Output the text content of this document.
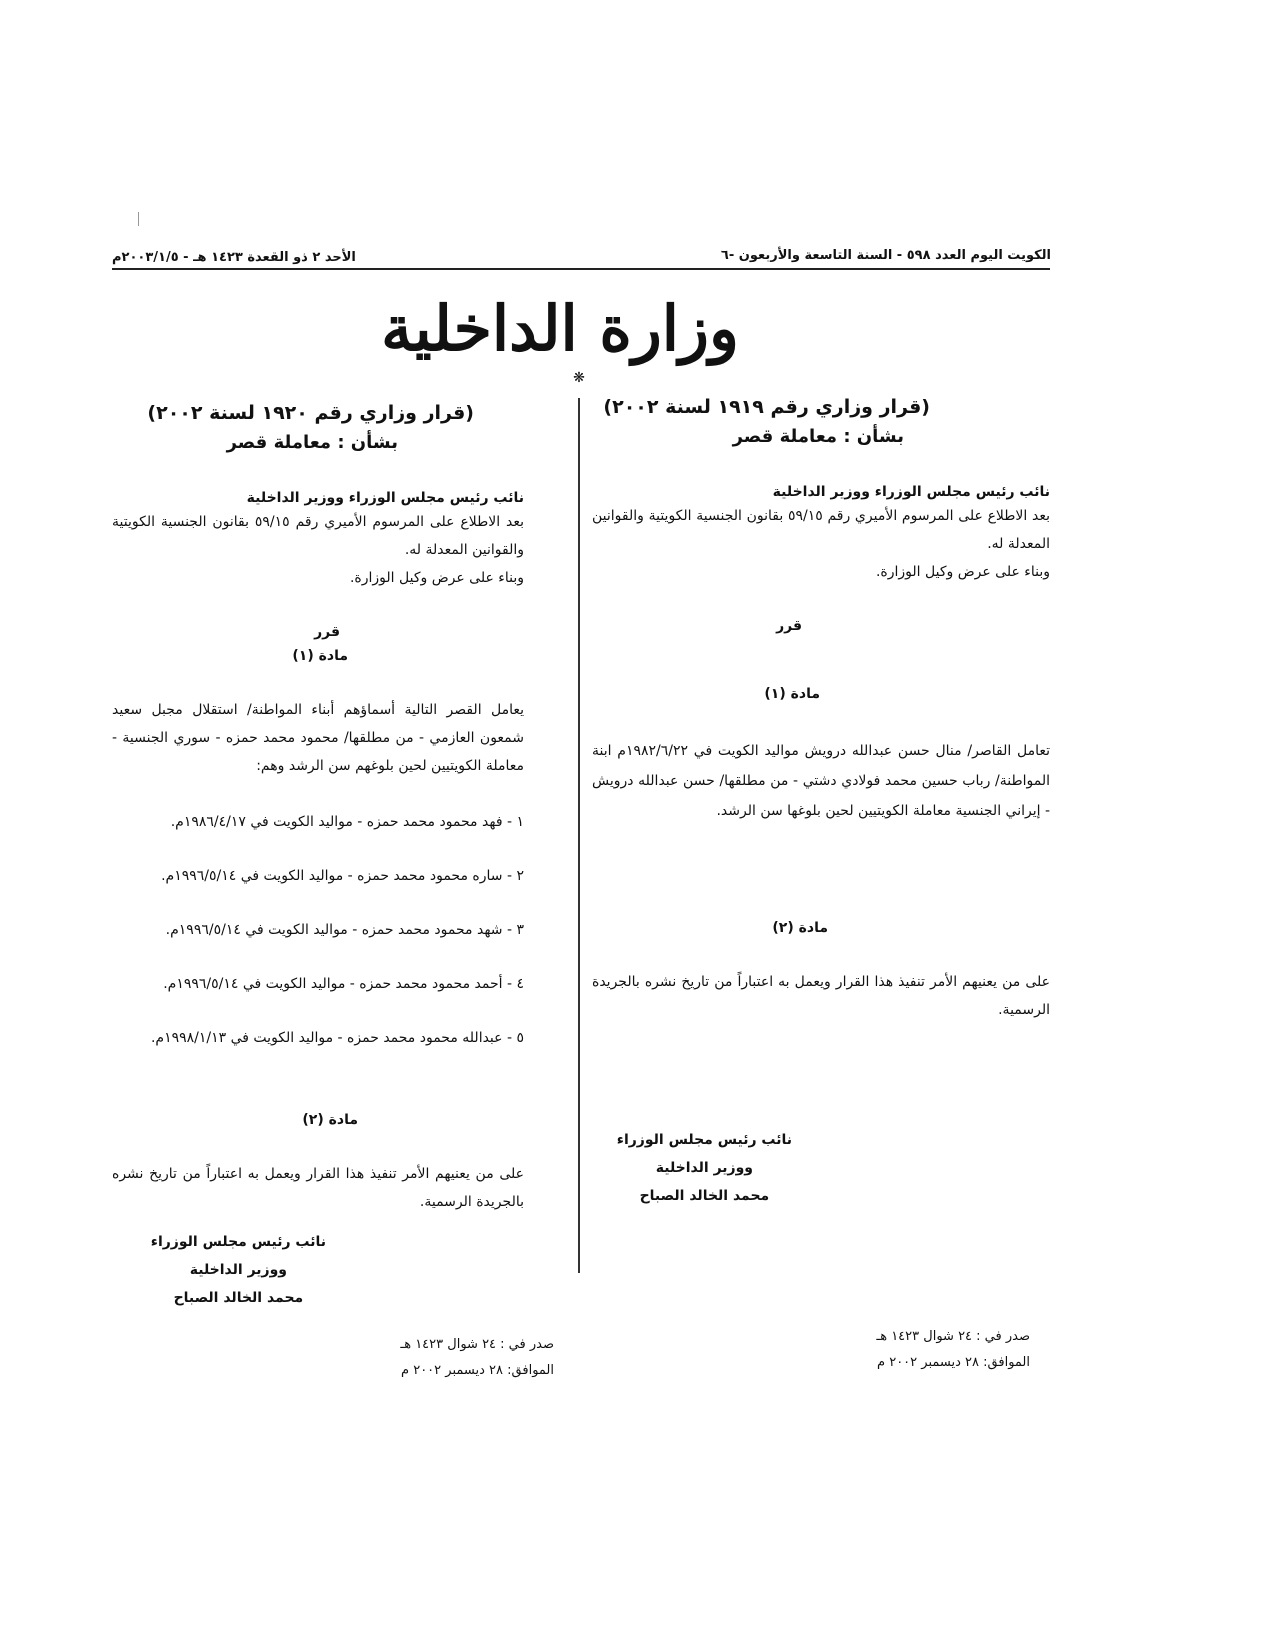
الكويت اليوم العدد ٥٩٨ - السنة التاسعة والأربعون -٦
الأحد ٢ ذو القعدة ١٤٢٣ هـ - ٢٠٠٣/١/٥م
وزارة الداخلية
❋
(قرار وزاري رقم ١٩١٩ لسنة ٢٠٠٢)
بشأن : معاملة قصر
نائب رئيس مجلس الوزراء ووزير الداخلية
بعد الاطلاع على المرسوم الأميري رقم ٥٩/١٥ بقانون الجنسية الكويتية والقوانين المعدلة له.
وبناء على عرض وكيل الوزارة.
قرر
مادة (١)
تعامل القاصر/ منال حسن عبدالله درويش مواليد الكويت في ١٩٨٢/٦/٢٢م ابنة المواطنة/ رباب حسين محمد فولادي دشتي - من مطلقها/ حسن عبدالله درويش - إيراني الجنسية معاملة الكويتيين لحين بلوغها سن الرشد.
مادة (٢)
على من يعنيهم الأمر تنفيذ هذا القرار ويعمل به اعتباراً من تاريخ نشره بالجريدة الرسمية.
نائب رئيس مجلس الوزراء
ووزير الداخلية
محمد الخالد الصباح
صدر في : ٢٤ شوال ١٤٢٣ هـ
الموافق: ٢٨ ديسمبر ٢٠٠٢ م
(قرار وزاري رقم ١٩٢٠ لسنة ٢٠٠٢)
بشأن : معاملة قصر
نائب رئيس مجلس الوزراء ووزير الداخلية
بعد الاطلاع على المرسوم الأميري رقم ٥٩/١٥ بقانون الجنسية الكويتية والقوانين المعدلة له.
وبناء على عرض وكيل الوزارة.
قرر
مادة (١)
يعامل القصر التالية أسماؤهم أبناء المواطنة/ استقلال مجبل سعيد شمعون العازمي - من مطلقها/ محمود محمد حمزه - سوري الجنسية - معاملة الكويتيين لحين بلوغهم سن الرشد وهم:
١ - فهد محمود محمد حمزه - مواليد الكويت في ١٩٨٦/٤/١٧م.
٢ - ساره محمود محمد حمزه - مواليد الكويت في ١٩٩٦/٥/١٤م.
٣ - شهد محمود محمد حمزه - مواليد الكويت في ١٩٩٦/٥/١٤م.
٤ - أحمد محمود محمد حمزه - مواليد الكويت في ١٩٩٦/٥/١٤م.
٥ - عبدالله محمود محمد حمزه - مواليد الكويت في ١٩٩٨/١/١٣م.
مادة (٢)
على من يعنيهم الأمر تنفيذ هذا القرار ويعمل به اعتباراً من تاريخ نشره بالجريدة الرسمية.
نائب رئيس مجلس الوزراء
ووزير الداخلية
محمد الخالد الصباح
صدر في : ٢٤ شوال ١٤٢٣ هـ
الموافق: ٢٨ ديسمبر ٢٠٠٢ م
